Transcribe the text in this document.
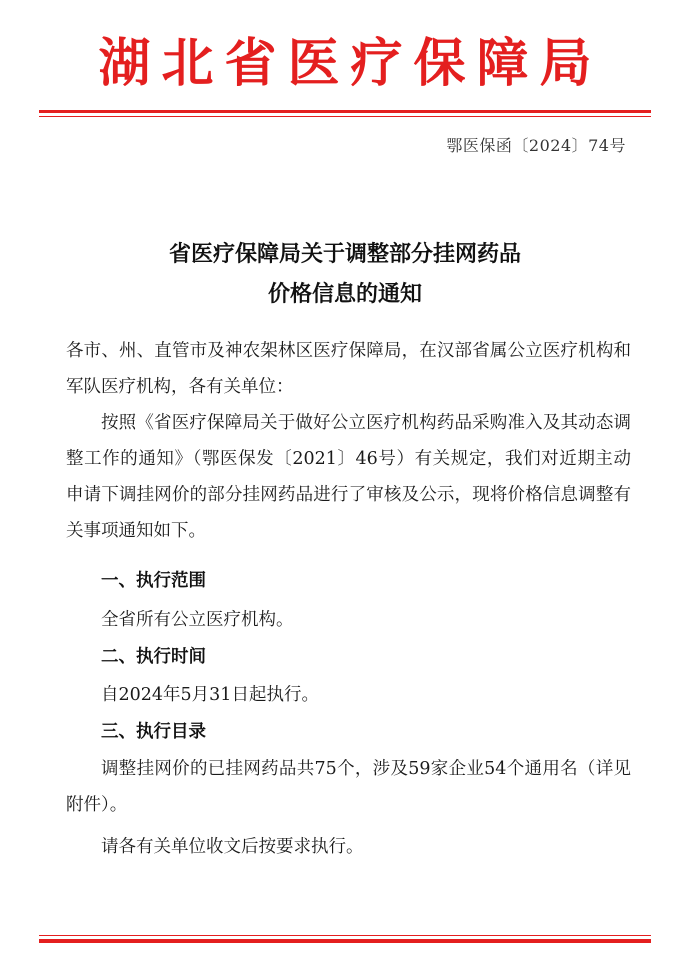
湖北省医疗保障局
鄂医保函〔2024〕74号
省医疗保障局关于调整部分挂网药品
价格信息的通知
各市、州、直管市及神农架林区医疗保障局，在汉部省属公立医疗机构和军队医疗机构，各有关单位：
按照《省医疗保障局关于做好公立医疗机构药品采购准入及其动态调整工作的通知》（鄂医保发〔2021〕46号）有关规定，我们对近期主动申请下调挂网价的部分挂网药品进行了审核及公示，现将价格信息调整有关事项通知如下。
一、执行范围
全省所有公立医疗机构。
二、执行时间
自2024年5月31日起执行。
三、执行目录
调整挂网价的已挂网药品共75个，涉及59家企业54个通用名（详见附件）。
请各有关单位收文后按要求执行。
